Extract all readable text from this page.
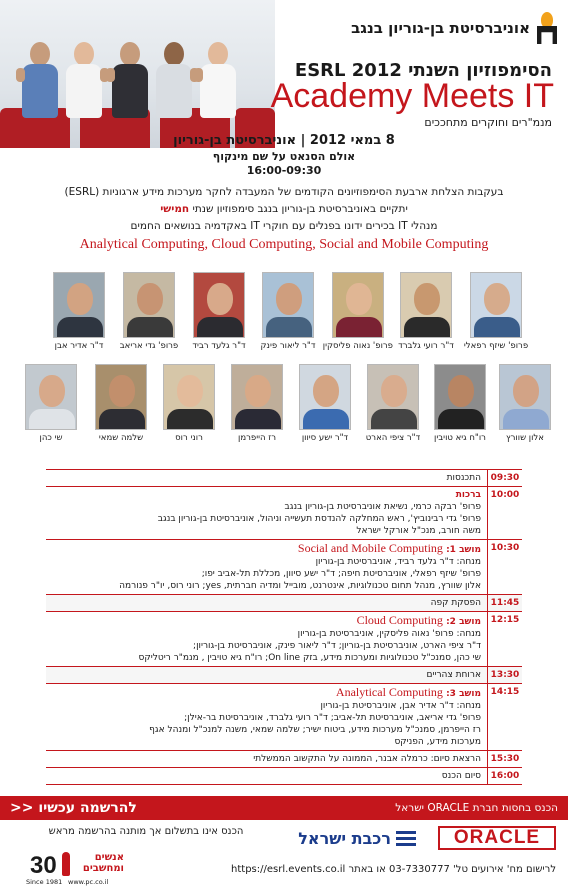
אוניברסיטת בן-גוריון בנגב
הסימפוזיון השנתי ESRL 2012
Academy Meets IT
מנמ"רים וחוקרים מתחככים
8 במאי 2012 | אוניברסיטת בן-גוריון
אולם הסנאט על שם מינקוף
16:00-09:30
בעקבות הצלחת ארבעת הסימפוזיונים הקודמים של המעבדה לחקר מערכות מידע ארגוניות (ESRL)
יתקיים באוניברסיטת בן-גוריון בנגב סימפוזיון שנתי חמישי
מנהלי IT בכירים ידונו בפנלים עם חוקרי IT באקדמיה בנושאים החמים
Analytical Computing, Cloud Computing, Social and Mobile Computing
פרופ' שיזף רפאלי
ד"ר רועי גלברד
פרופ' נאוה פליסקין
ד"ר ליאור פינק
ד"ר גלעד רביד
פרופ' גדי אריאב
ד"ר אדיר אבן
אלון שוורץ
רו"ח גיא טויבין
ד"ר ציפי הארט
ד"ר ישע סיוון
רז הייפרמן
רוני רוס
שלמה שמאי
שי כהן
09:30
התכנסות
10:00
ברכות
פרופ' רבקה כרמי, נשיאת אוניברסיטת בן-גוריון בנגב
פרופ' גדי רבינוביץ', ראש המחלקה להנדסת תעשייה וניהול, אוניברסיטת בן-גוריון בנגב
משה חורב, מנכ"ל אורקל ישראל
10:30
מושב 1: Social and Mobile Computing
מנחה: ד"ר גלעד רביד, אוניברסיטת בן-גוריון
פרופ' שיזף רפאלי, אוניברסיטת חיפה; ד"ר ישע סיוון, מכללת תל-אביב יפו;
אלון שוורץ, מנהל תחום טכנולוגיות, אינטרנט, מובייל ומדיה חברתית, yes; רוני רוס, יו"ר פנורמה
11:45
הפסקת קפה
12:15
מושב 2: Cloud Computing
מנחה: פרופ' נאוה פליסקין, אוניברסיטת בן-גוריון
ד"ר ציפי הארט, אוניברסיטת בן-גוריון; ד"ר ליאור פינק, אוניברסיטת בן-גוריון;
שי כהן, סמנכ"ל טכנולוגיות ומערכות מידע, בזק On line; רו"ח גיא טויבין , מנמ"ר ריטליקס
13:30
ארוחת צהריים
14:15
מושב 3: Analytical Computing
מנחה: ד"ר אדיר אבן, אוניברסיטת בן-גוריון
פרופ' גדי אריאב, אוניברסיטת תל-אביב; ד"ר רועי גלברד, אוניברסיטת בר-אילן;
רז הייפרמן, סמנכ"ל מערכות מידע, ביטוח ישיר; שלמה שמאי, משנה למנכ"ל ומנהל אגף
מערכות מידע, הפניקס
15:30
הרצאת סיום: כרמלה אבנר, הממונה על התקשוב הממשלתי
16:00
סיום הכנס
להרשמה עכשיו <<	הכנס בחסות חברת ORACLE ישראל
הכנס אינו בתשלום אך מותנה בהרשמה מראש	רכבת ישראל	ORACLE
30	אנשים ומחשבים
Since 1981 www.pc.co.il
לרישום מח' אירועים טל' 03-7330777 או באתר https://esrl.events.co.il
